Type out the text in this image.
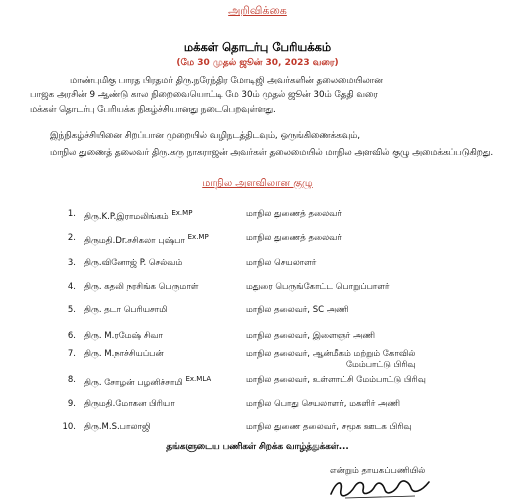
அறிவிக்கை
மக்கள் தொடர்பு பேரியக்கம்
(மே 30 முதல் ஜூன் 30, 2023 வரை)
மாண்புமிகு பாரத பிரதமர் திரு.நரேந்திர மோடிஜி அவர்களின் தலைமையிலான
பாஜக அரசின் 9 ஆண்டு கால நிறைவையொட்டி மே 30ம் முதல் ஜூன் 30ம் தேதி வரை
மக்கள் தொடர்பு பேரியக்க நிகழ்ச்சியானது நடைபெறவுள்ளது.
இந்நிகழ்ச்சியினை சிறப்பான முறையில் வழிநடத்திடவும், ஒருங்கிணைக்கவும்,
மாநில துணைத் தலைவர் திரு.கரு நாகராஜன் அவர்கள் தலைமையில் மாநில அளவில் குழு அமைக்கப்படுகிறது.
மாநில அளவிலான குழு
1. திரு.K.P.இராமலிங்கம் $^{Ex.MP}$	மாநில துணைத் தலைவர்
2. திருமதி.Dr.சசிகலா புஷ்பா $^{Ex.MP}$	மாநில துணைத் தலைவர்
3. திரு.வினோஜ் P. செல்வம்	மாநில செயலாளர்
4. திரு. கதலி நரசிங்க பெருமாள்	மதுரை பெருங்கோட்ட பொறுப்பாளர்
5. திரு. தடா பெரியசாமி	மாநில தலைவர், SC அணி
6. திரு. M.ரமேஷ் சிவா	மாநில தலைவர், இளைஞர் அணி
7. திரு. M.நாச்சியப்பன்	மாநில தலைவர், ஆன்மீகம் மற்றும் கோவில்
மேம்பாட்டு பிரிவு
8. திரு. சோழன் பழனிச்சாமி $^{Ex.MLA}$	மாநில தலைவர், உள்ளாட்சி மேம்பாட்டு பிரிவு
9. திருமதி.மோகன பிரியா	மாநில பொது செயலாளர், மகளிர் அணி
10. திரு.M.S.பாலாஜி	மாநில துணை தலைவர், சமூக ஊடக பிரிவு
தங்களுடைய பணிகள் சிறக்க வாழ்த்துக்கள்...
என்றும் தாயகப்பணியில்
